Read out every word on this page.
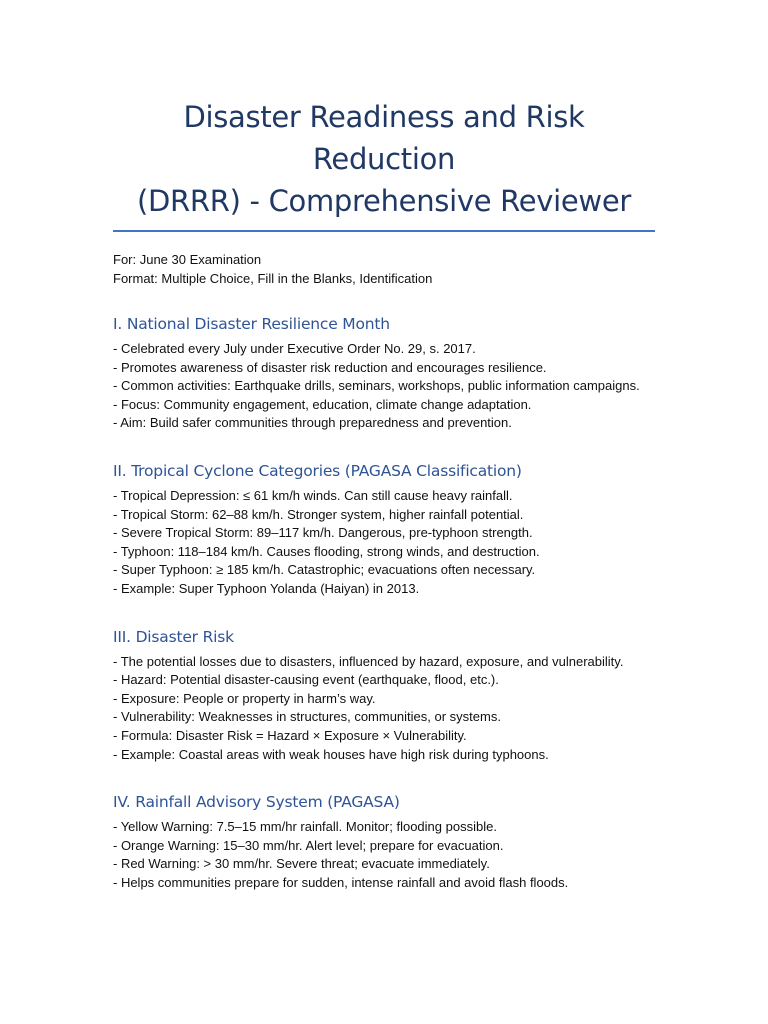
Disaster Readiness and Risk Reduction
(DRRR) - Comprehensive Reviewer
For: June 30 Examination
Format: Multiple Choice, Fill in the Blanks, Identification
I. National Disaster Resilience Month
- Celebrated every July under Executive Order No. 29, s. 2017.
- Promotes awareness of disaster risk reduction and encourages resilience.
- Common activities: Earthquake drills, seminars, workshops, public information campaigns.
- Focus: Community engagement, education, climate change adaptation.
- Aim: Build safer communities through preparedness and prevention.
II. Tropical Cyclone Categories (PAGASA Classification)
- Tropical Depression: ≤ 61 km/h winds. Can still cause heavy rainfall.
- Tropical Storm: 62–88 km/h. Stronger system, higher rainfall potential.
- Severe Tropical Storm: 89–117 km/h. Dangerous, pre-typhoon strength.
- Typhoon: 118–184 km/h. Causes flooding, strong winds, and destruction.
- Super Typhoon: ≥ 185 km/h. Catastrophic; evacuations often necessary.
- Example: Super Typhoon Yolanda (Haiyan) in 2013.
III. Disaster Risk
- The potential losses due to disasters, influenced by hazard, exposure, and vulnerability.
- Hazard: Potential disaster-causing event (earthquake, flood, etc.).
- Exposure: People or property in harm’s way.
- Vulnerability: Weaknesses in structures, communities, or systems.
- Formula: Disaster Risk = Hazard × Exposure × Vulnerability.
- Example: Coastal areas with weak houses have high risk during typhoons.
IV. Rainfall Advisory System (PAGASA)
- Yellow Warning: 7.5–15 mm/hr rainfall. Monitor; flooding possible.
- Orange Warning: 15–30 mm/hr. Alert level; prepare for evacuation.
- Red Warning: > 30 mm/hr. Severe threat; evacuate immediately.
- Helps communities prepare for sudden, intense rainfall and avoid flash floods.
